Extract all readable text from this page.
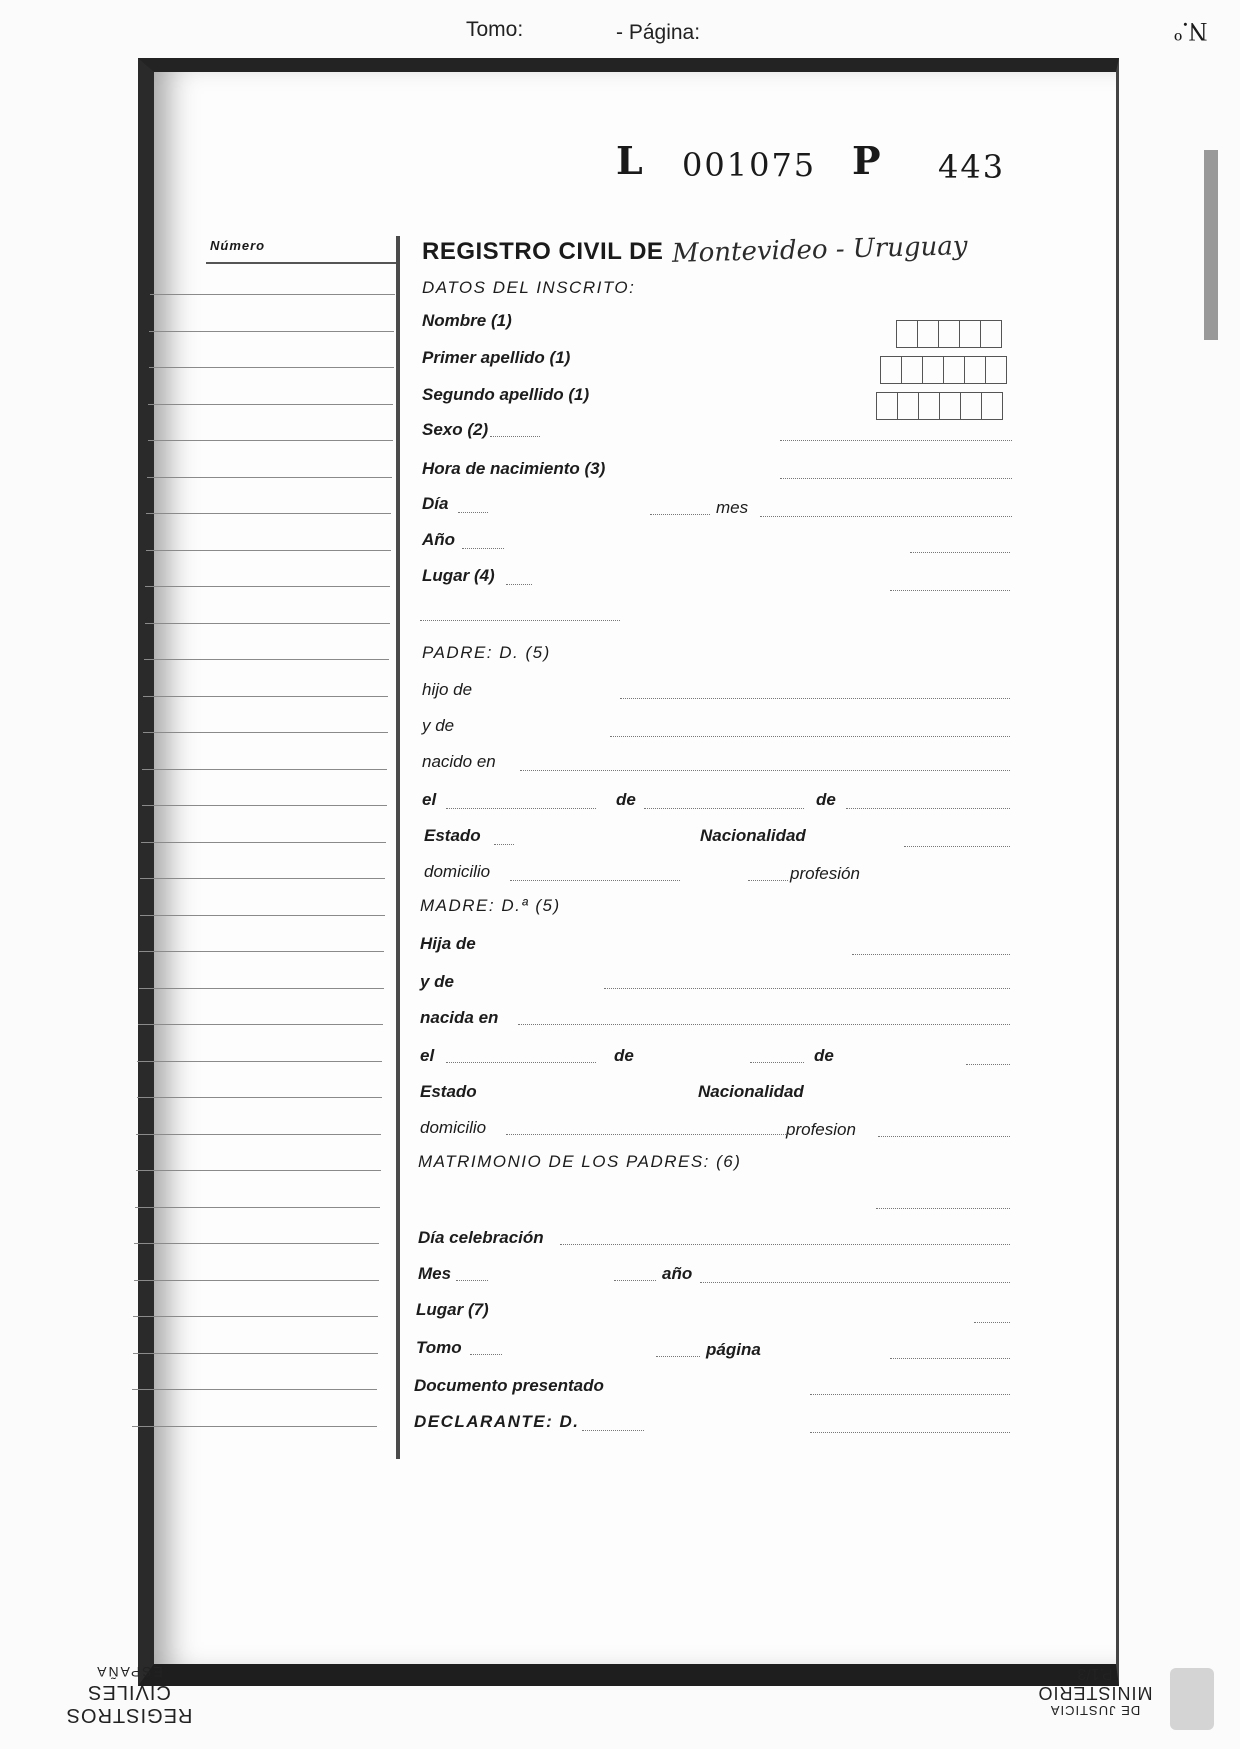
Tomo:	- Página:	N.º
L 001075 P 443
Número	REGISTRO CIVIL DE Montevideo - Uruguay
DATOS DEL INSCRITO:
Nombre (1)
Primer apellido (1)
Segundo apellido (1)
Sexo (2)
Hora de nacimiento (3)
Día	mes
Año
Lugar (4)
PADRE: D. (5)
hijo de
y de
nacido en
el	de	de
Estado	Nacionalidad
domicilio	profesión
MADRE: D.ª (5)
Hija de
y de
nacida en
el	de	de
Estado	Nacionalidad
domicilio	profesion
MATRIMONIO DE LOS PADRES: (6)
Día celebración
Mes	año
Lugar (7)
Tomo	página
Documento presentado
DECLARANTE: D.
REGISTROS CIVILES
ESPAÑA
DE JUSTICIA
MINISTERIO
P.1/3
